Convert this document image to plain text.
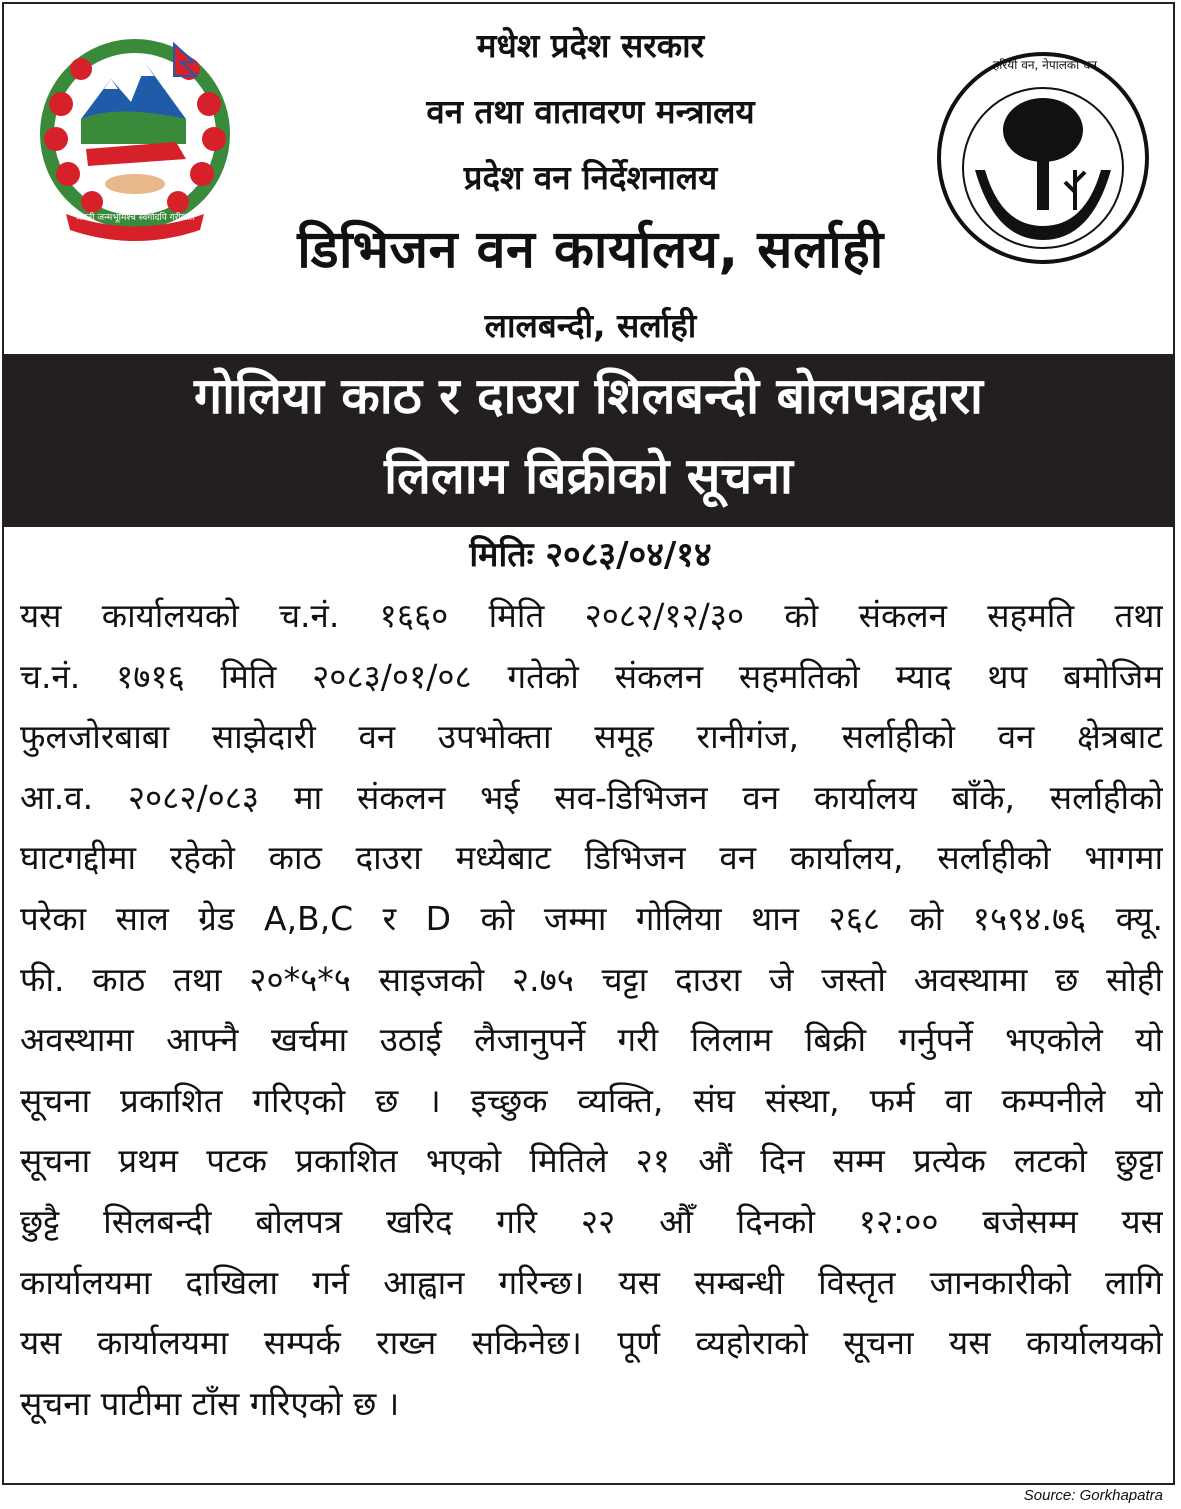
जननी जन्मभूमिश्च स्वर्गादपि गरीयसी
हरियो वन, नेपालको धन
मधेश प्रदेश सरकार
वन तथा वातावरण मन्त्रालय
प्रदेश वन निर्देशनालय
डिभिजन वन कार्यालय, सर्लाही
लालबन्दी, सर्लाही
गोलिया काठ र दाउरा शिलबन्दी बोलपत्रद्वारा
लिलाम बिक्रीको सूचना
मितिः २०८३/०४/१४
यस कार्यालयको च.नं. १६६० मिति २०८२/१२/३० को संकलन सहमति तथा
च.नं. १७१६ मिति २०८३/०१/०८ गतेको संकलन सहमतिको म्याद थप बमोजिम
फुलजोरबाबा साझेदारी वन उपभोक्ता समूह रानीगंज, सर्लाहीको वन क्षेत्रबाट
आ.व. २०८२/०८३ मा संकलन भई सव-डिभिजन वन कार्यालय बाँके, सर्लाहीको
घाटगद्दीमा रहेको काठ दाउरा मध्येबाट डिभिजन वन कार्यालय, सर्लाहीको भागमा
परेका साल ग्रेड A,B,C र D को जम्मा गोलिया थान २६८ को १५९४.७६ क्यू.
फी. काठ तथा २०*५*५ साइजको २.७५ चट्टा दाउरा जे जस्तो अवस्थामा छ सोही
अवस्थामा आफ्नै खर्चमा उठाई लैजानुपर्ने गरी लिलाम बिक्री गर्नुपर्ने भएकोले यो
सूचना प्रकाशित गरिएको छ । इच्छुक व्यक्ति, संघ संस्था, फर्म वा कम्पनीले यो
सूचना प्रथम पटक प्रकाशित भएको मितिले २१ औं दिन सम्म प्रत्येक लटको छुट्टा
छुट्टै सिलबन्दी बोलपत्र खरिद गरि २२ औँ दिनको १२:०० बजेसम्म यस
कार्यालयमा दाखिला गर्न आह्वान गरिन्छ। यस सम्बन्धी विस्तृत जानकारीको लागि
यस कार्यालयमा सम्पर्क राख्न सकिनेछ। पूर्ण व्यहोराको सूचना यस कार्यालयको
सूचना पाटीमा टाँस गरिएको छ ।
Source: Gorkhapatra
